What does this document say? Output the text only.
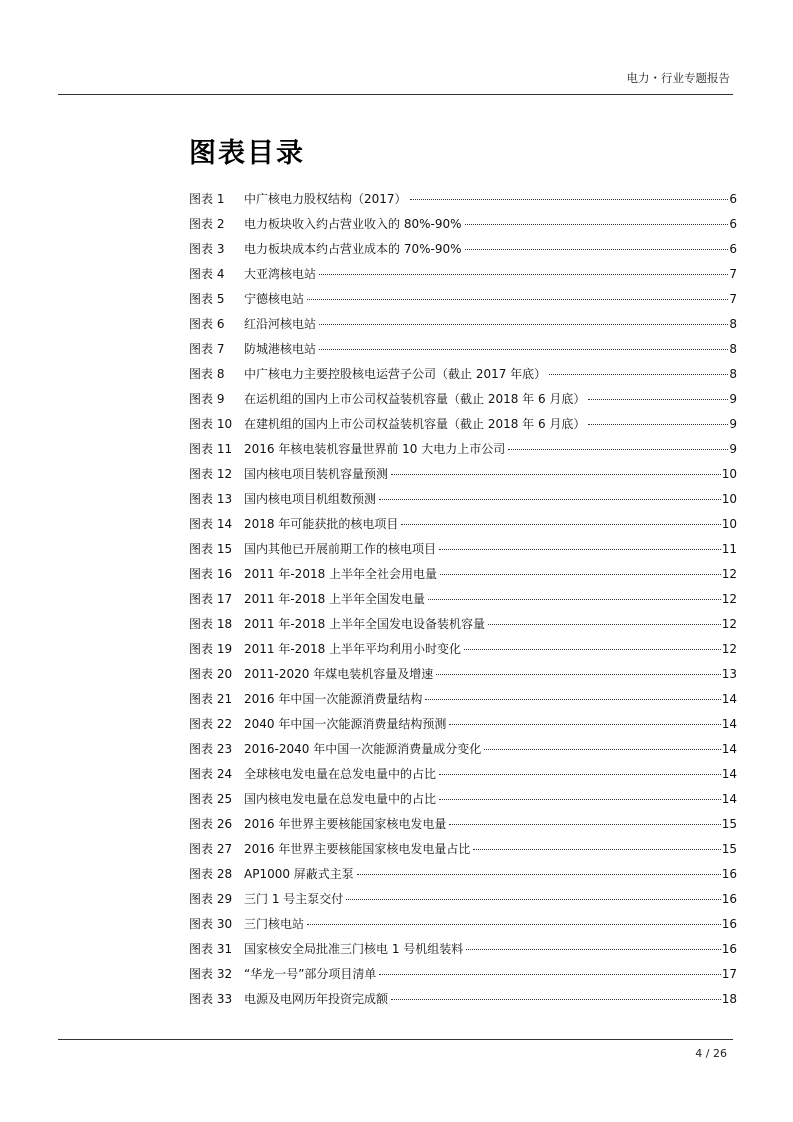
电力・行业专题报告
图表目录
图表 1	中广核电力股权结构（2017）	6
图表 2	电力板块收入约占营业收入的 80%-90%	6
图表 3	电力板块成本约占营业成本的 70%-90%	6
图表 4	大亚湾核电站	7
图表 5	宁德核电站	7
图表 6	红沿河核电站	8
图表 7	防城港核电站	8
图表 8	中广核电力主要控股核电运营子公司（截止 2017 年底）	8
图表 9	在运机组的国内上市公司权益装机容量（截止 2018 年 6 月底）	9
图表 10 在建机组的国内上市公司权益装机容量（截止 2018 年 6 月底）	9
图表 11 2016 年核电装机容量世界前 10 大电力上市公司	9
图表 12 国内核电项目装机容量预测	10
图表 13 国内核电项目机组数预测	10
图表 14 2018 年可能获批的核电项目	10
图表 15 国内其他已开展前期工作的核电项目	11
图表 16 2011 年-2018 上半年全社会用电量	12
图表 17 2011 年-2018 上半年全国发电量	12
图表 18 2011 年-2018 上半年全国发电设备装机容量	12
图表 19 2011 年-2018 上半年平均利用小时变化	12
图表 20 2011-2020 年煤电装机容量及增速	13
图表 21 2016 年中国一次能源消费量结构	14
图表 22 2040 年中国一次能源消费量结构预测	14
图表 23 2016-2040 年中国一次能源消费量成分变化	14
图表 24 全球核电发电量在总发电量中的占比	14
图表 25 国内核电发电量在总发电量中的占比	14
图表 26 2016 年世界主要核能国家核电发电量	15
图表 27 2016 年世界主要核能国家核电发电量占比	15
图表 28 AP1000 屏蔽式主泵	16
图表 29 三门 1 号主泵交付	16
图表 30 三门核电站	16
图表 31 国家核安全局批准三门核电 1 号机组装料	16
图表 32 “华龙一号”部分项目清单	17
图表 33 电源及电网历年投资完成额	18
4 / 26
